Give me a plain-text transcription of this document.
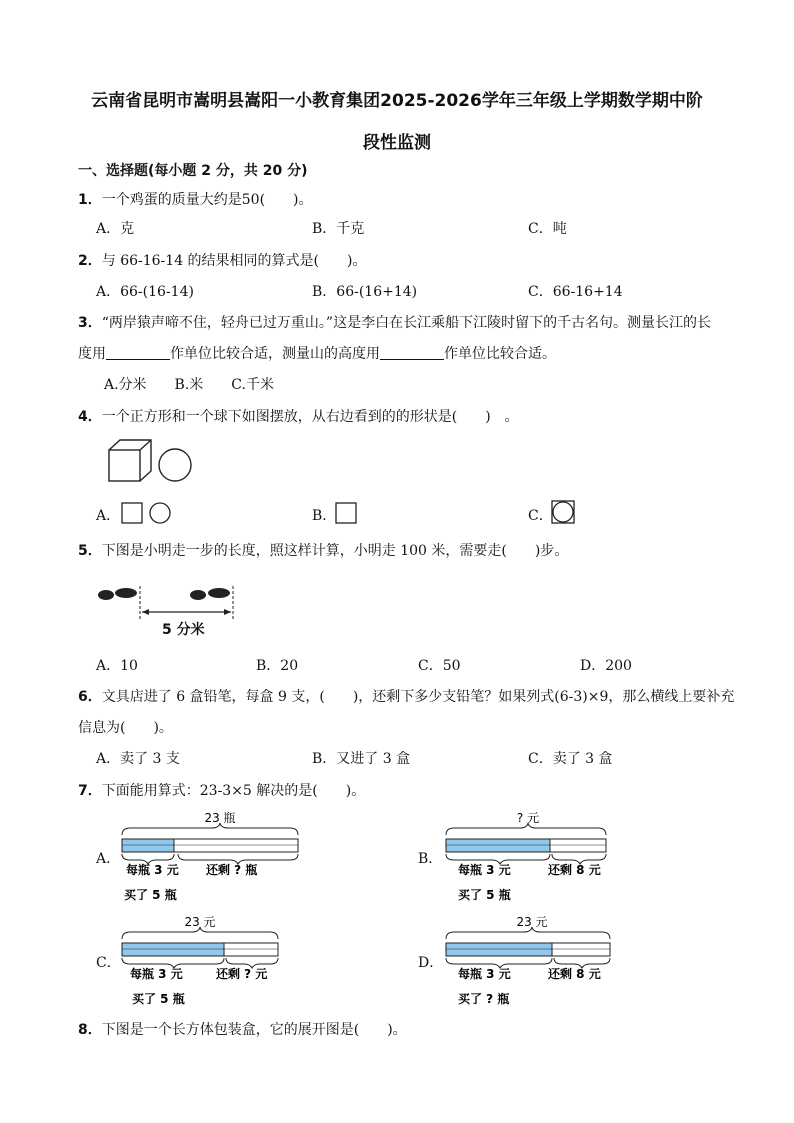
云南省昆明市嵩明县嵩阳一小教育集团2025-2026学年三年级上学期数学期中阶
段性监测
一、选择题(每小题 2 分，共 20 分)
1．一个鸡蛋的质量大约是50(　　)。
A．克	B．千克	C．吨
2．与 66-16-14 的结果相同的算式是(　　)。
A．66-(16-14)	B．66-(16+14)	C．66-16+14
3．“两岸猿声啼不住，轻舟已过万重山。”这是李白在长江乘船下江陵时留下的千古名句。测量长江的长
度用	作单位比较合适，测量山的高度用	作单位比较合适。
A.分米　　B.米　　C.千米
4．一个正方形和一个球下如图摆放，从右边看到的的形状是(　　)　。
A．	B．	C．
5．下图是小明走一步的长度，照这样计算，小明走 100 米，需要走(　　)步。
5 分米
A．10	B．20	C．50	D．200
6．文具店进了 6 盒铅笔，每盒 9 支，(　　)，还剩下多少支铅笔？如果列式(6-3)×9，那么横线上要补充
信息为(　　)。
A．卖了 3 支	B．又进了 3 盒	C．卖了 3 盒
7．下面能用算式：23-3×5 解决的是(　　)。
A．
23 瓶
每瓶 3 元 还剩 ? 瓶
买了 5 瓶
B．
? 元
每瓶 3 元	还剩 8 元
买了 5 瓶
C．
23 元
每瓶 3 元	还剩 ? 元
买了 5 瓶
D．
23 元
每瓶 3 元	还剩 8 元
买了 ? 瓶
8．下图是一个长方体包装盒，它的展开图是(　　)。
